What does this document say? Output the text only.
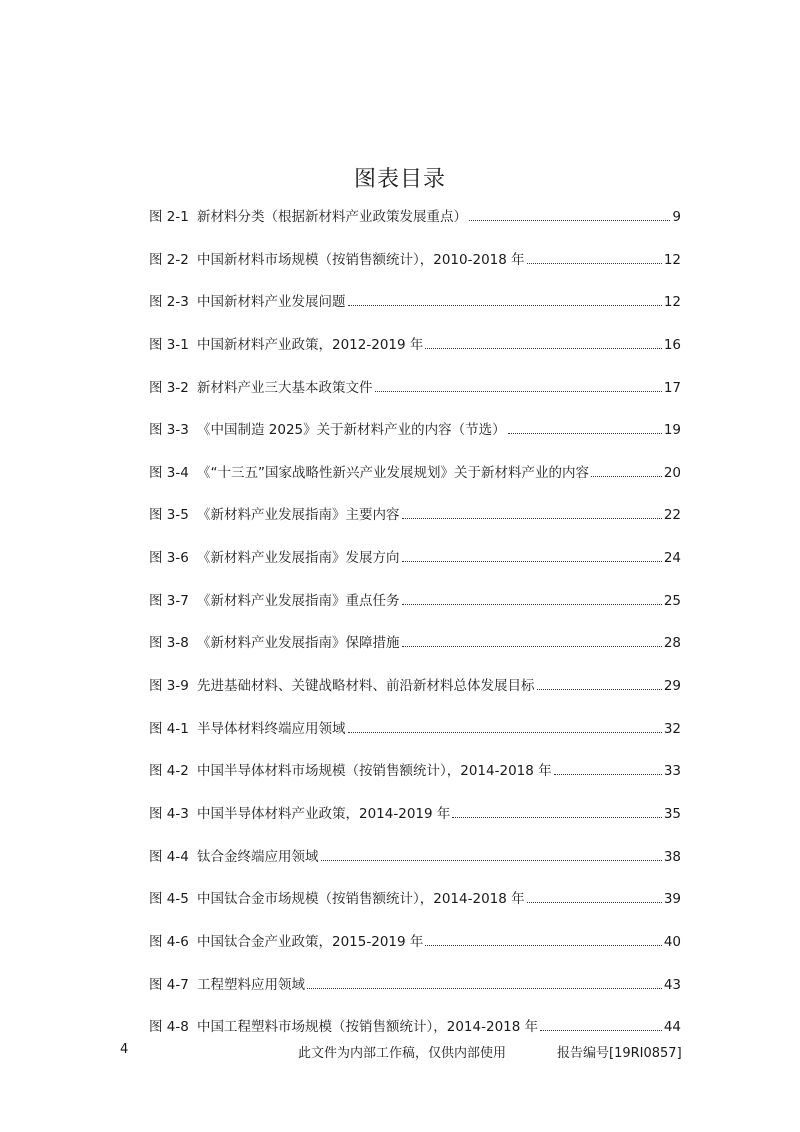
图表目录
图 2-1 新材料分类（根据新材料产业政策发展重点）	9
图 2-2 中国新材料市场规模（按销售额统计），2010-2018 年	12
图 2-3 中国新材料产业发展问题	12
图 3-1 中国新材料产业政策，2012-2019 年	16
图 3-2 新材料产业三大基本政策文件	17
图 3-3 《中国制造 2025》关于新材料产业的内容（节选）	19
图 3-4 《“十三五”国家战略性新兴产业发展规划》关于新材料产业的内容	20
图 3-5 《新材料产业发展指南》主要内容	22
图 3-6 《新材料产业发展指南》发展方向	24
图 3-7 《新材料产业发展指南》重点任务	25
图 3-8 《新材料产业发展指南》保障措施	28
图 3-9 先进基础材料、关键战略材料、前沿新材料总体发展目标	29
图 4-1 半导体材料终端应用领域	32
图 4-2 中国半导体材料市场规模（按销售额统计），2014-2018 年	33
图 4-3 中国半导体材料产业政策，2014-2019 年	35
图 4-4 钛合金终端应用领域	38
图 4-5 中国钛合金市场规模（按销售额统计），2014-2018 年	39
图 4-6 中国钛合金产业政策，2015-2019 年	40
图 4-7 工程塑料应用领域	43
图 4-8 中国工程塑料市场规模（按销售额统计），2014-2018 年	44
4	此文件为内部工作稿，仅供内部使用	报告编号[19RI0857]
